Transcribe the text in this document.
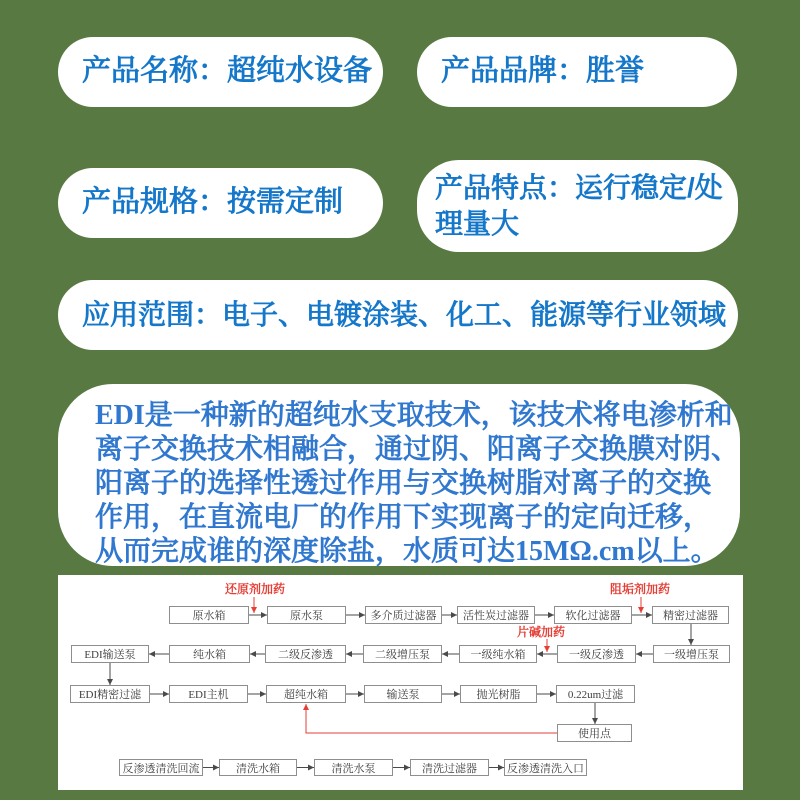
产品名称：超纯水设备	产品品牌：胜誉
产品规格：按需定制	产品特点：运行稳定/处理量大
应用范围：电子、电镀涂装、化工、能源等行业领域
EDI是一种新的超纯水支取技术，该技术将电渗析和
离子交换技术相融合，通过阴、阳离子交换膜对阴、
阳离子的选择性透过作用与交换树脂对离子的交换
作用，在直流电厂的作用下实现离子的定向迁移，
从而完成谁的深度除盐，水质可达15MΩ.cm以上。
还原剂加药	阻垢剂加药
片碱加药
原水箱	原水泵	多介质过滤器	活性炭过滤器	软化过滤器	精密过滤器
EDI输送泵	纯水箱	二级反渗透	二级增压泵	一级纯水箱	一级反渗透	一级增压泵
EDI精密过滤	EDI主机	超纯水箱	输送泵	抛光树脂	0.22um过滤
使用点
反渗透清洗回流	清洗水箱	清洗水泵	清洗过滤器	反渗透清洗入口
